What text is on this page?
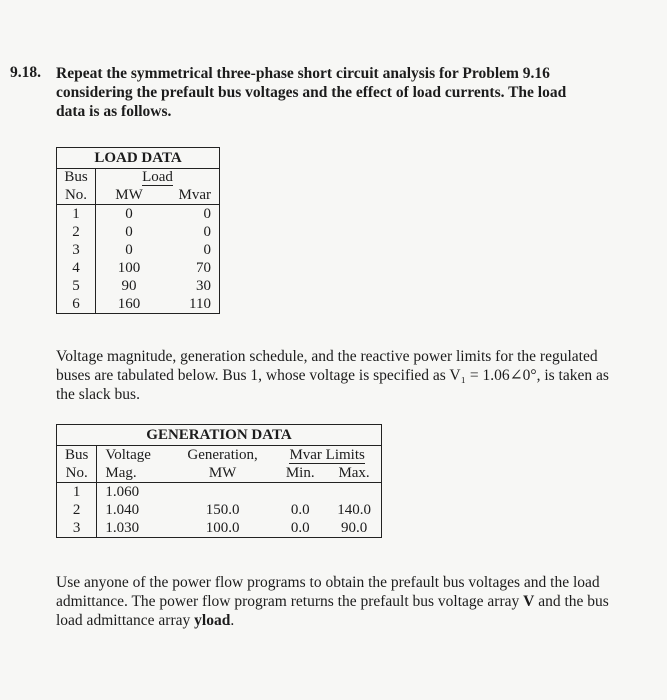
9.18. Repeat the symmetrical three-phase short circuit analysis for Problem 9.16 considering the prefault bus voltages and the effect of load currents. The load data is as follows.

LOAD DATA		
Bus	Load	
No.	MW	Mvar
1	0	0
2	0	0
3	0	0
4	100	70
5	90	30
6	160	110

Voltage magnitude, generation schedule, and the reactive power limits for the regulated buses are tabulated below. Bus 1, whose voltage is specified as V₁ = 1.06∠0°, is taken as the slack bus.

GENERATION DATA				
Bus	Voltage	Generation,	Mvar Limits	
No.	Mag.	MW	Min.	Max.
1	1.060			
2	1.040	150.0	0.0	140.0
3	1.030	100.0	0.0	90.0

Use anyone of the power flow programs to obtain the prefault bus voltages and the load admittance. The power flow program returns the prefault bus voltage array V and the bus load admittance array yload.
